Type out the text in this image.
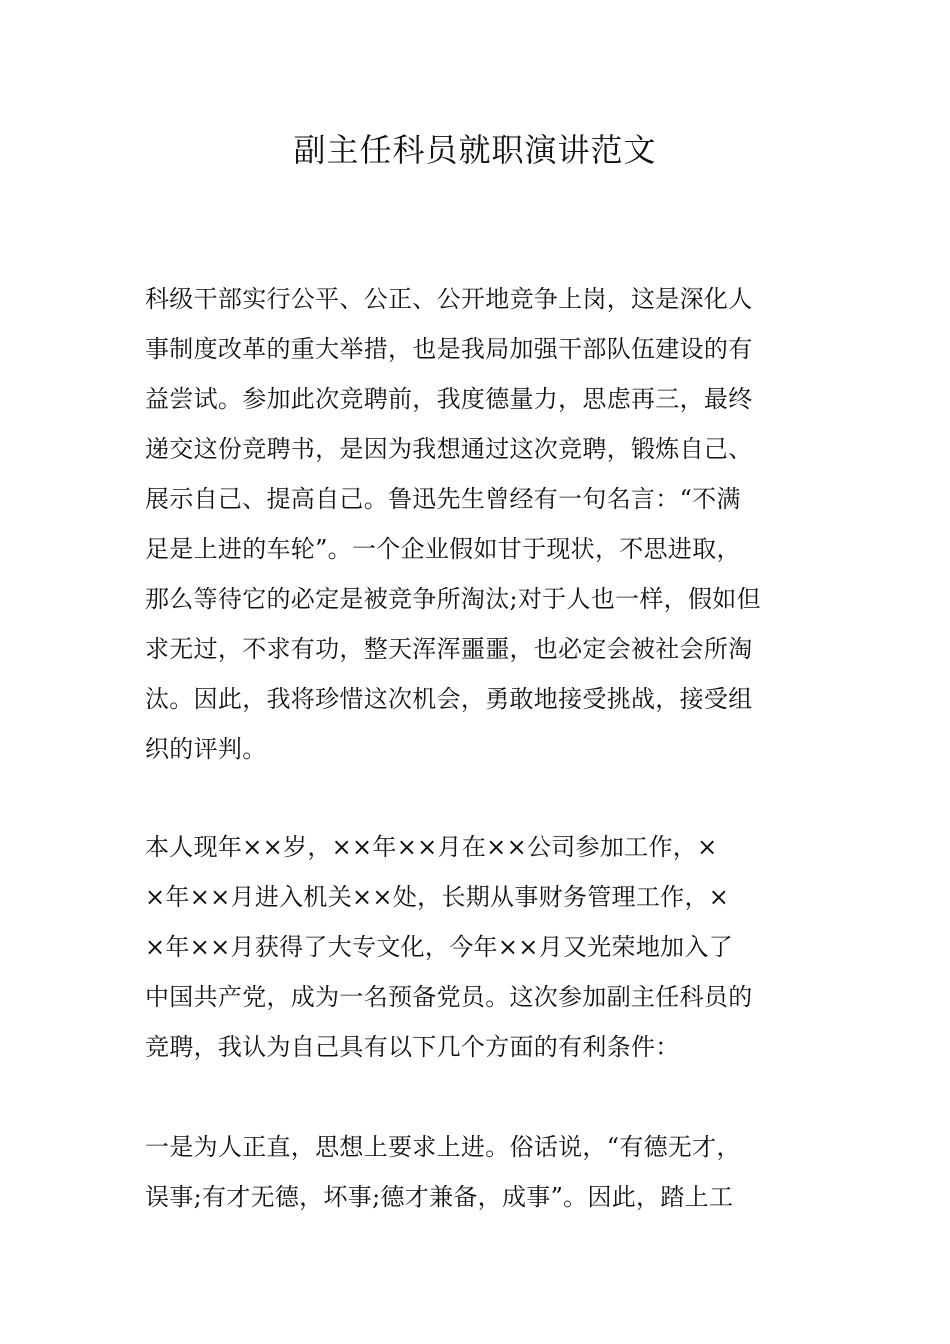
副主任科员就职演讲范文
科级干部实行公平、公正、公开地竞争上岗，这是深化人
事制度改革的重大举措，也是我局加强干部队伍建设的有
益尝试。参加此次竞聘前，我度德量力，思虑再三，最终
递交这份竞聘书，是因为我想通过这次竞聘，锻炼自己、
展示自己、提高自己。鲁迅先生曾经有一句名言：“不满
足是上进的车轮”。一个企业假如甘于现状，不思进取，
那么等待它的必定是被竞争所淘汰;对于人也一样，假如但
求无过，不求有功，整天浑浑噩噩，也必定会被社会所淘
汰。因此，我将珍惜这次机会，勇敢地接受挑战，接受组
织的评判。
本人现年××岁，××年××月在××公司参加工作，×
×年××月进入机关××处，长期从事财务管理工作，×
×年××月获得了大专文化，今年××月又光荣地加入了
中国共产党，成为一名预备党员。这次参加副主任科员的
竞聘，我认为自己具有以下几个方面的有利条件：
一是为人正直，思想上要求上进。俗话说，“有德无才，
误事;有才无德，坏事;德才兼备，成事”。因此，踏上工
